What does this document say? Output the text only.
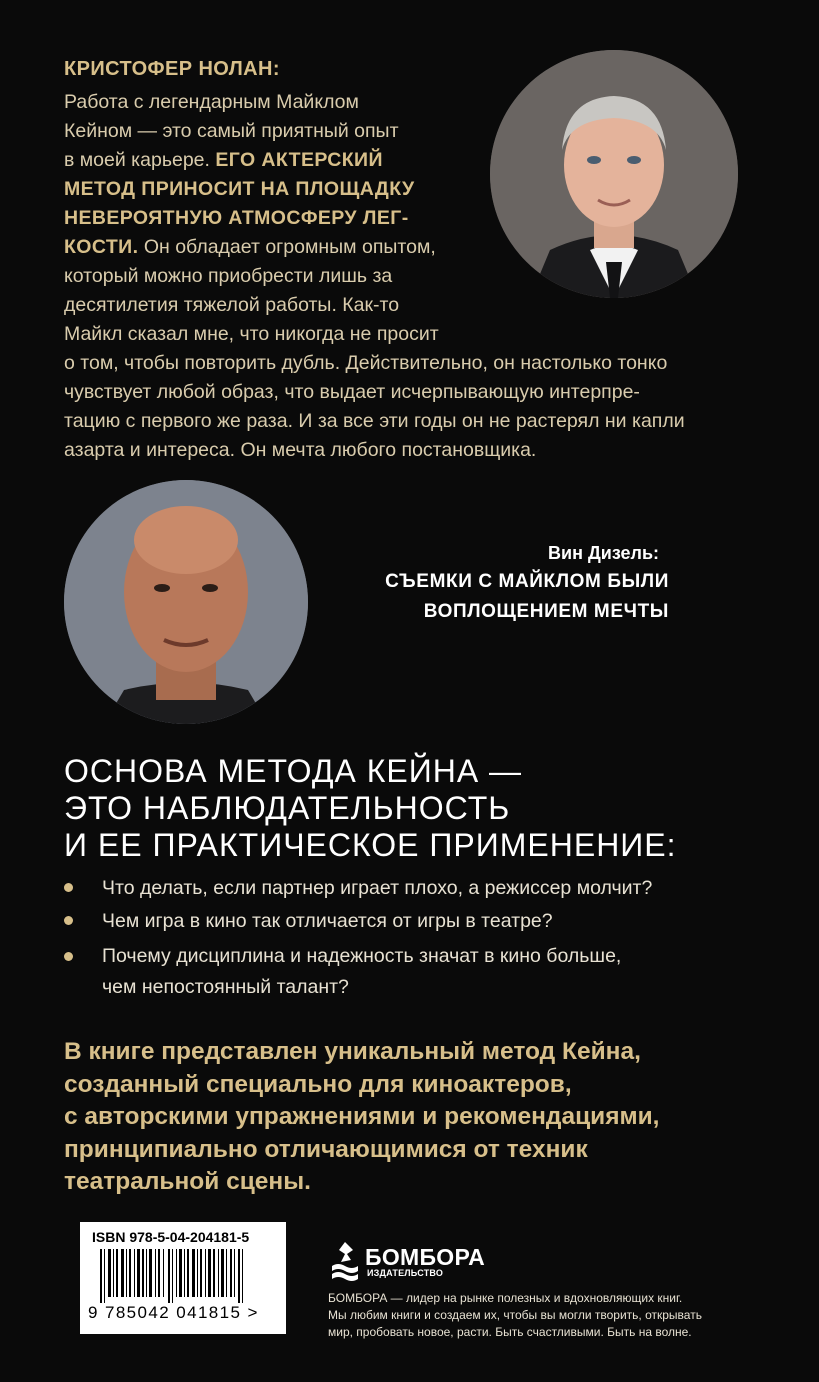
КРИСТОФЕР НОЛАН:
Работа с легендарным Майклом
Кейном — это самый приятный опыт
в моей карьере. ЕГО АКТЕРСКИЙ
МЕТОД ПРИНОСИТ НА ПЛОЩАДКУ
НЕВЕРОЯТНУЮ АТМОСФЕРУ ЛЕГ-
КОСТИ. Он обладает огромным опытом,
который можно приобрести лишь за
десятилетия тяжелой работы. Как-то
Майкл сказал мне, что никогда не просит
о том, чтобы повторить дубль. Действительно, он настолько тонко
чувствует любой образ, что выдает исчерпывающую интерпре-
тацию с первого же раза. И за все эти годы он не растерял ни капли
азарта и интереса. Он мечта любого постановщика.
Вин Дизель:
СЪЕМКИ С МАЙКЛОМ БЫЛИ
ВОПЛОЩЕНИЕМ МЕЧТЫ
ОСНОВА МЕТОДА КЕЙНА —
ЭТО НАБЛЮДАТЕЛЬНОСТЬ
И ЕЕ ПРАКТИЧЕСКОЕ ПРИМЕНЕНИЕ:
Что делать, если партнер играет плохо, а режиссер молчит?
Чем игра в кино так отличается от игры в театре?
Почему дисциплина и надежность значат в кино больше,
чем непостоянный талант?
В книге представлен уникальный метод Кейна,
созданный специально для киноактеров,
с авторскими упражнениями и рекомендациями,
принципиально отличающимися от техник
театральной сцены.
ISBN 978-5-04-204181-5
9 785042 041815 >
БОМБОРА
ИЗДАТЕЛЬСТВО
БОМБОРА — лидер на рынке полезных и вдохновляющих книг.
Мы любим книги и создаем их, чтобы вы могли творить, открывать
мир, пробовать новое, расти. Быть счастливыми. Быть на волне.
